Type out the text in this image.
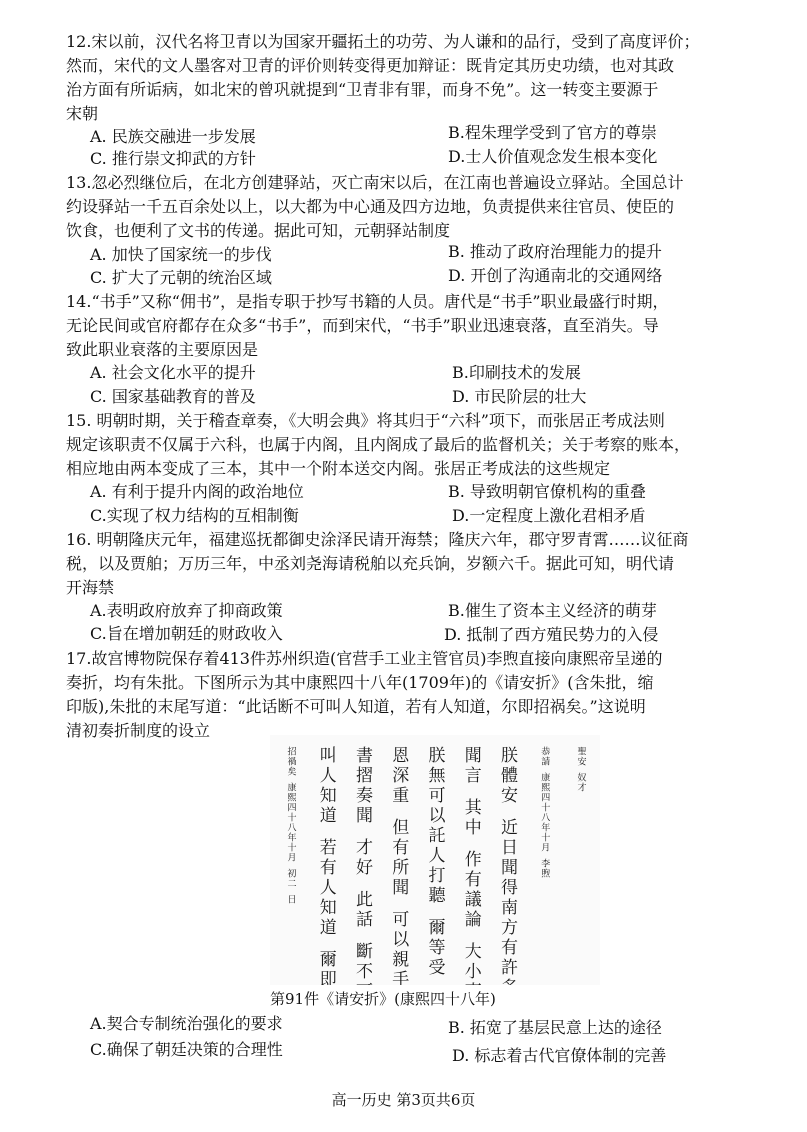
12.宋以前，汉代名将卫青以为国家开疆拓土的功劳、为人谦和的品行，受到了高度评价；
然而，宋代的文人墨客对卫青的评价则转变得更加辩证：既肯定其历史功绩，也对其政
治方面有所诟病，如北宋的曾巩就提到“卫青非有罪，而身不免”。这一转变主要源于
宋朝
A. 民族交融进一步发展	B.程朱理学受到了官方的尊崇
C. 推行崇文抑武的方针	D.士人价值观念发生根本变化
13.忽必烈继位后，在北方创建驿站，灭亡南宋以后，在江南也普遍设立驿站。全国总计
约设驿站一千五百余处以上，以大都为中心通及四方边地，负责提供来往官员、使臣的
饮食，也便利了文书的传递。据此可知，元朝驿站制度
A. 加快了国家统一的步伐	B. 推动了政府治理能力的提升
C. 扩大了元朝的统治区域	D. 开创了沟通南北的交通网络
14.“书手”又称“佣书”，是指专职于抄写书籍的人员。唐代是“书手”职业最盛行时期，
无论民间或官府都存在众多“书手”，而到宋代，“书手”职业迅速衰落，直至消失。导
致此职业衰落的主要原因是
A. 社会文化水平的提升	B.印刷技术的发展
C. 国家基础教育的普及	D. 市民阶层的壮大
15. 明朝时期，关于稽查章奏，《大明会典》将其归于“六科”项下，而张居正考成法则
规定该职责不仅属于六科，也属于内阁，且内阁成了最后的监督机关；关于考察的账本，
相应地由两本变成了三本，其中一个附本送交内阁。张居正考成法的这些规定
A. 有利于提升内阁的政治地位	B. 导致明朝官僚机构的重叠
C.实现了权力结构的互相制衡	D.一定程度上激化君相矛盾
16. 明朝隆庆元年，福建巡抚都御史涂泽民请开海禁；隆庆六年，郡守罗青霄……议征商
税，以及贾舶；万历三年，中丞刘尧海请税舶以充兵饷，岁额六千。据此可知，明代请
开海禁
A.表明政府放弃了抑商政策	B.催生了资本主义经济的萌芽
C.旨在增加朝廷的财政收入	D. 抵制了西方殖民势力的入侵
17.故宫博物院保存着413件苏州织造(官营手工业主管官员)李煦直接向康熙帝呈递的
奏折，均有朱批。下图所示为其中康熙四十八年(1709年)的《请安折》(含朱批，缩
印版),朱批的末尾写道：“此话断不可叫人知道，若有人知道，尔即招祸矣。”这说明
清初奏折制度的设立
聖
安
奴
才
恭
請
康
熙
四
十
八
年
十
月
李
煦
朕
體
安
近
日
聞
得
南
方
有
許
聞
言
其
中
作
有
議
論
大
小
朕
無
可
以
託
人
打
聽
爾
等
受
恩
深
重
但
有
所
聞
可
以
親
手
書
摺
奏
聞
才
好
此
話
斷
不
叫
人
知
道
若
有
人
知
道
爾
即
招
禍
矣
康
熙
四
十
八
年
十
月
初
二
日
第91件《请安折》(康熙四十八年)
A.契合专制统治强化的要求	B. 拓宽了基层民意上达的途径
C.确保了朝廷决策的合理性	D. 标志着古代官僚体制的完善
高一历史 第3页共6页
